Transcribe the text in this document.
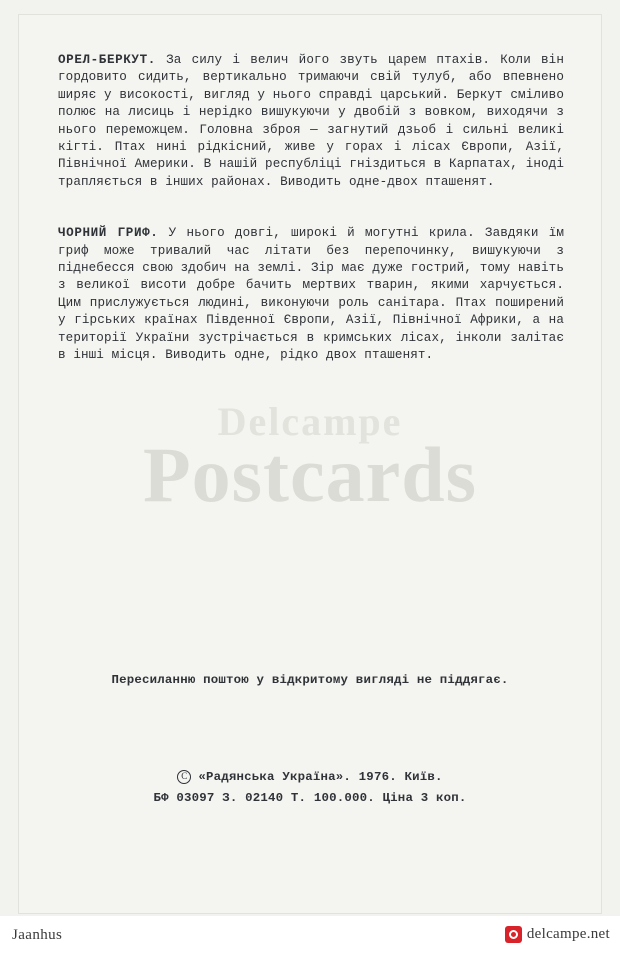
Delcampe
Postcards

ОРЕЛ-БЕРКУТ. За силу і велич його звуть царем птахів. Коли він гордовито сидить, вертикально тримаючи свій тулуб, або впевнено ширяє у високості, вигляд у нього справді царський. Беркут сміливо полює на лисиць і нерідко вишукуючи у двобій з вовком, виходячи з нього переможцем. Головна зброя — загнутий дзьоб і сильні великі кігті. Птах нині рідкісний, живе у горах і лісах Європи, Азії, Північної Америки. В нашій республіці гніздиться в Карпатах, іноді трапляється в інших районах. Виводить одне-двох пташенят.

ЧОРНИЙ ГРИФ. У нього довгі, широкі й могутні крила. Завдяки їм гриф може тривалий час літати без перепочинку, вишукуючи з піднебесся свою здобич на землі. Зір має дуже гострий, тому навіть з великої висоти добре бачить мертвих тварин, якими харчується. Цим прислужується людині, виконуючи роль санітара. Птах поширений у гірських країнах Південної Європи, Азії, Північної Африки, а на території України зустрічається в кримських лісах, інколи залітає в інші місця. Виводить одне, рідко двох пташенят.

Пересиланню поштою у відкритому вигляді не піддягає.
C «Радянська Україна». 1976. Київ.
БФ 03097 З. 02140 Т. 100.000. Ціна 3 коп.
Jaanhus	delcampe.net
